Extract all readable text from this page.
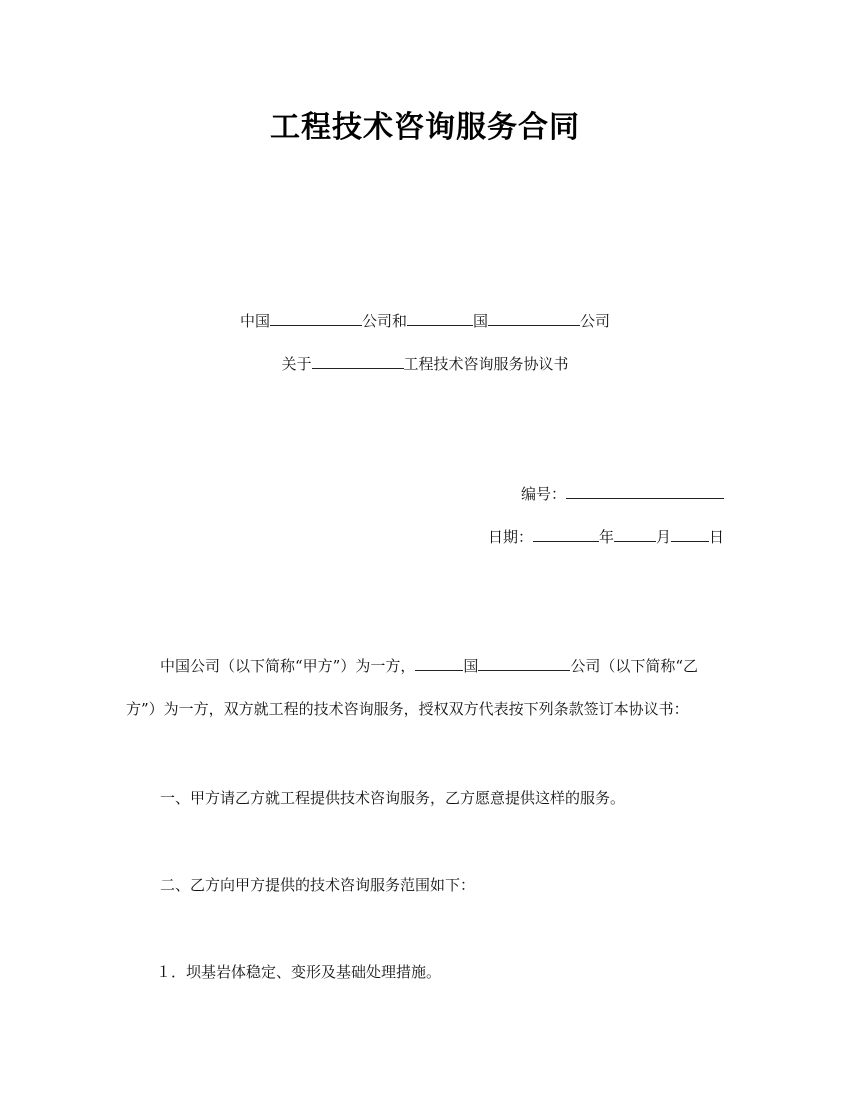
工程技术咨询服务合同
中国	公司和	国	公司
关于	工程技术咨询服务协议书
编号：
日期：	年	月	日
中国公司（以下简称“甲方”）为一方，	国	公司（以下简称“乙
方”）为一方，双方就工程的技术咨询服务，授权双方代表按下列条款签订本协议书：
一、甲方请乙方就工程提供技术咨询服务，乙方愿意提供这样的服务。
二、乙方向甲方提供的技术咨询服务范围如下：
１．坝基岩体稳定、变形及基础处理措施。
